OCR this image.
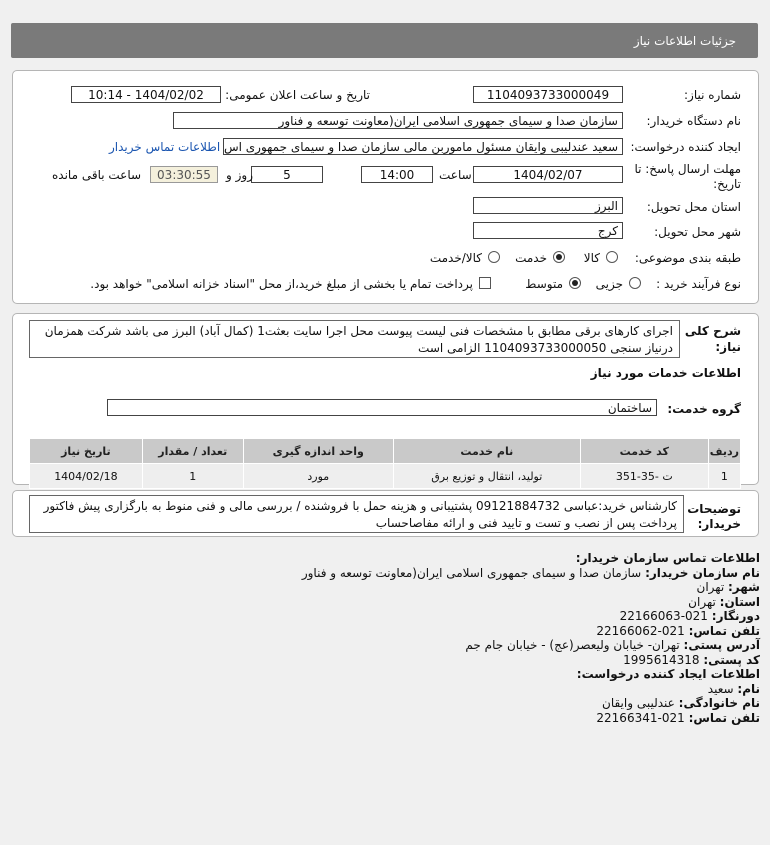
جزئیات اطلاعات نیاز
شماره نیاز:
1104093733000049
تاریخ و ساعت اعلان عمومی:
1404/02/02 - 10:14
نام دستگاه خریدار:
سازمان صدا و سیمای جمهوری اسلامی ایران(معاونت توسعه و فناور
ایجاد کننده درخواست:
سعید عندلیبی وایقان مسئول ماموربن مالی سازمان صدا و سیمای جمهوری اس
اطلاعات تماس خریدار
مهلت ارسال پاسخ: تا
تاریخ:
1404/02/07
ساعت
14:00
5
روز و
03:30:55
ساعت باقی مانده
استان محل تحویل:
البرز
شهر محل تحویل:
کرج
طبقه بندی موضوعی:
کالا
خدمت
کالا/خدمت
نوع فرآیند خرید :
جزیی
متوسط
پرداخت تمام یا بخشی از مبلغ خرید،از محل "اسناد خزانه اسلامی" خواهد بود.
شرح کلی
نیاز:
اجرای کارهای برقی مطابق با مشخصات فنی لیست پیوست محل اجرا سایت بعثت1 (کمال آباد) البرز می باشد شرکت همزمان
درنیاز سنجی 1104093733000050 الزامی است
اطلاعات خدمات مورد نیاز
گروه خدمت:
ساختمان
ردیف	کد خدمت	نام خدمت	واحد اندازه گیری	تعداد / مقدار	تاریخ نیاز
1	ت -35-351	تولید، انتقال و توزیع برق	مورد	1	1404/02/18
توضیحات
خریدار:
کارشناس خرید:عباسی 09121884732 پشتیبانی و هزینه حمل با فروشنده / بررسی مالی و فنی منوط به بارگزاری پیش فاکتور
پرداخت پس از نصب و تست و تایید فنی و ارائه مفاصاحساب
اطلاعات تماس سازمان خریدار:
نام سازمان خریدار: سازمان صدا و سیمای جمهوری اسلامی ایران(معاونت توسعه و فناور
شهر: تهران
استان: تهران
دورنگار: 021-22166063
تلفن تماس: 021-22166062
آدرس پستی: تهران- خیابان ولیعصر(عج) - خیابان جام جم
کد پستی: 1995614318
اطلاعات ایجاد کننده درخواست:
نام: سعید
نام خانوادگی: عندلیبی وایقان
تلفن تماس: 021-22166341
